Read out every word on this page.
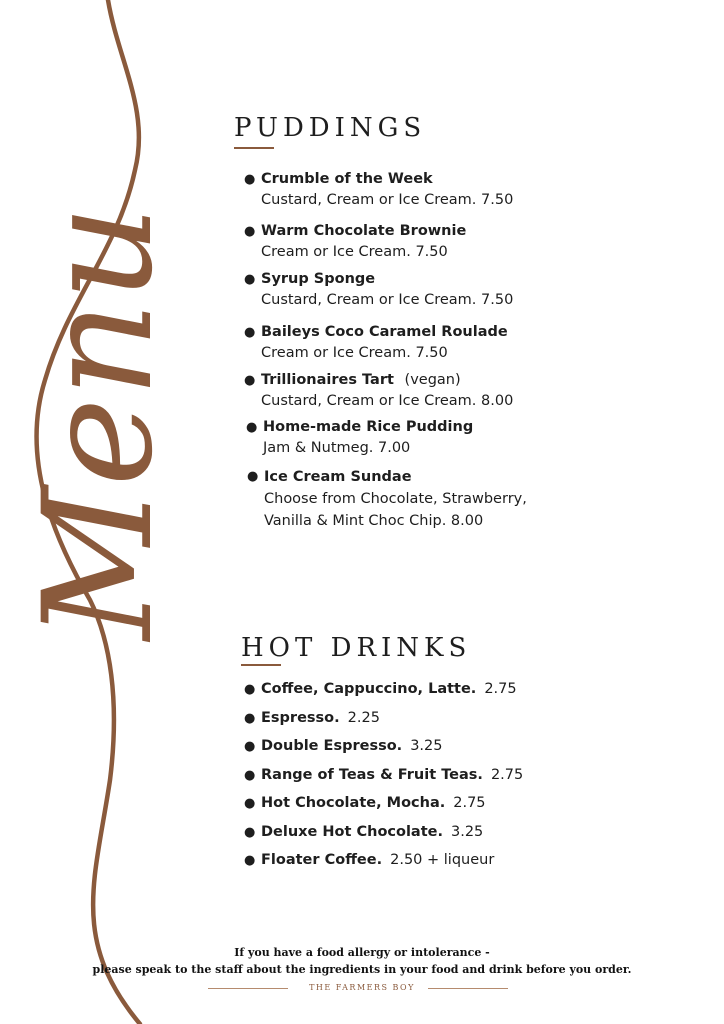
Menu
PUDDINGS
● Crumble of the Week
Custard, Cream or Ice Cream. 7.50
● Warm Chocolate Brownie
Cream or Ice Cream. 7.50
● Syrup Sponge
Custard, Cream or Ice Cream. 7.50
● Baileys Coco Caramel Roulade
Cream or Ice Cream. 7.50
● Trillionaires Tart (vegan)
Custard, Cream or Ice Cream. 8.00
● Home-made Rice Pudding
Jam & Nutmeg. 7.00
● Ice Cream Sundae
Choose from Chocolate, Strawberry,
Vanilla & Mint Choc Chip. 8.00
HOT DRINKS
● Coffee, Cappuccino, Latte. 2.75
● Espresso. 2.25
● Double Espresso. 3.25
● Range of Teas & Fruit Teas. 2.75
● Hot Chocolate, Mocha. 2.75
● Deluxe Hot Chocolate. 3.25
● Floater Coffee. 2.50 + liqueur
If you have a food allergy or intolerance -
please speak to the staff about the ingredients in your food and drink before you order.
THE FARMERS BOY
